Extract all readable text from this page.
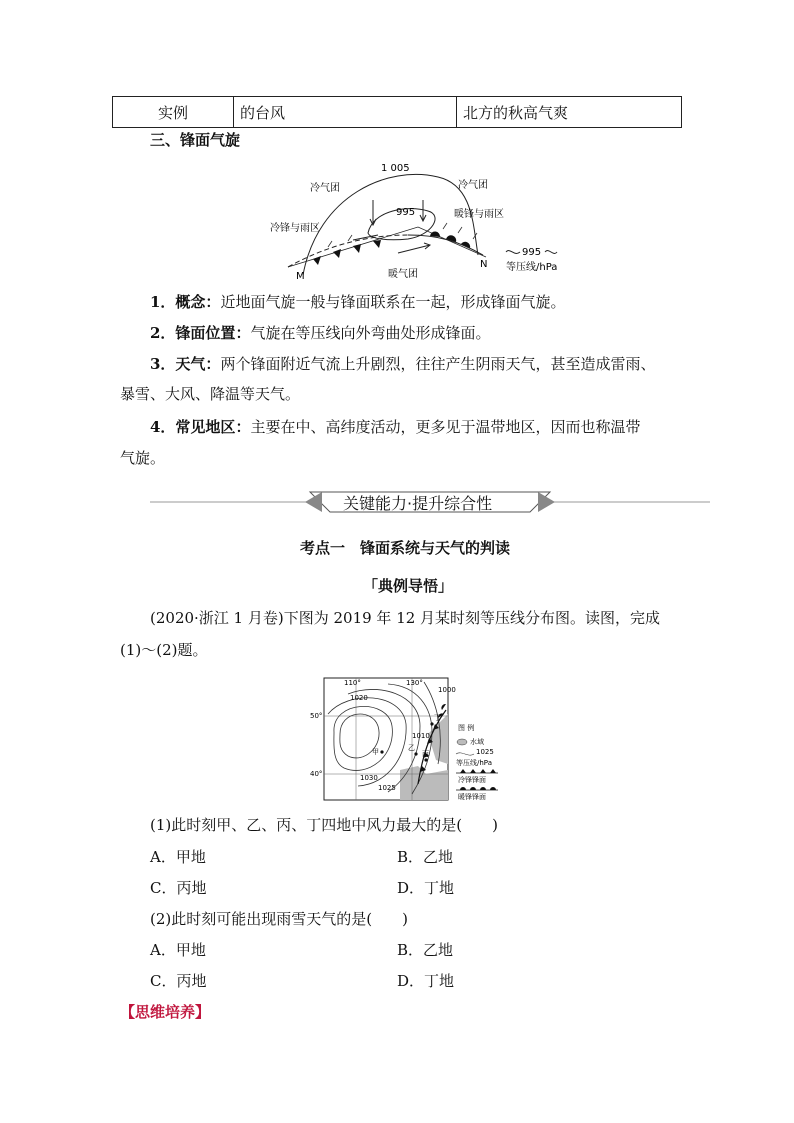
实例	的台风	北方的秋高气爽
三、锋面气旋
1 005
995
冷气团	冷气团
冷锋与雨区
暖锋与雨区
暖气团
M
N
995
等压线/hPa
1．概念：近地面气旋一般与锋面联系在一起，形成锋面气旋。
2．锋面位置：气旋在等压线向外弯曲处形成锋面。
3．天气：两个锋面附近气流上升剧烈，往往产生阴雨天气，甚至造成雷雨、
暴雪、大风、降温等天气。
4．常见地区：主要在中、高纬度活动，更多见于温带地区，因而也称温带
气旋。
关键能力·提升综合性
考点一　锋面系统与天气的判读
「典例导悟」
(2020·浙江 1 月卷)下图为 2019 年 12 月某时刻等压线分布图。读图，完成
(1)～(2)题。
110°	130°
50°
40°	1030
1025
1020
1010
1000
甲	乙
丙
丁
图 例
水域
1025
等压线/hPa
冷锋锋面
暖锋锋面
(1)此时刻甲、乙、丙、丁四地中风力最大的是(　　)
A．甲地	B．乙地
C．丙地	D．丁地
(2)此时刻可能出现雨雪天气的是(　　)
A．甲地	B．乙地
C．丙地	D．丁地
【思维培养】
